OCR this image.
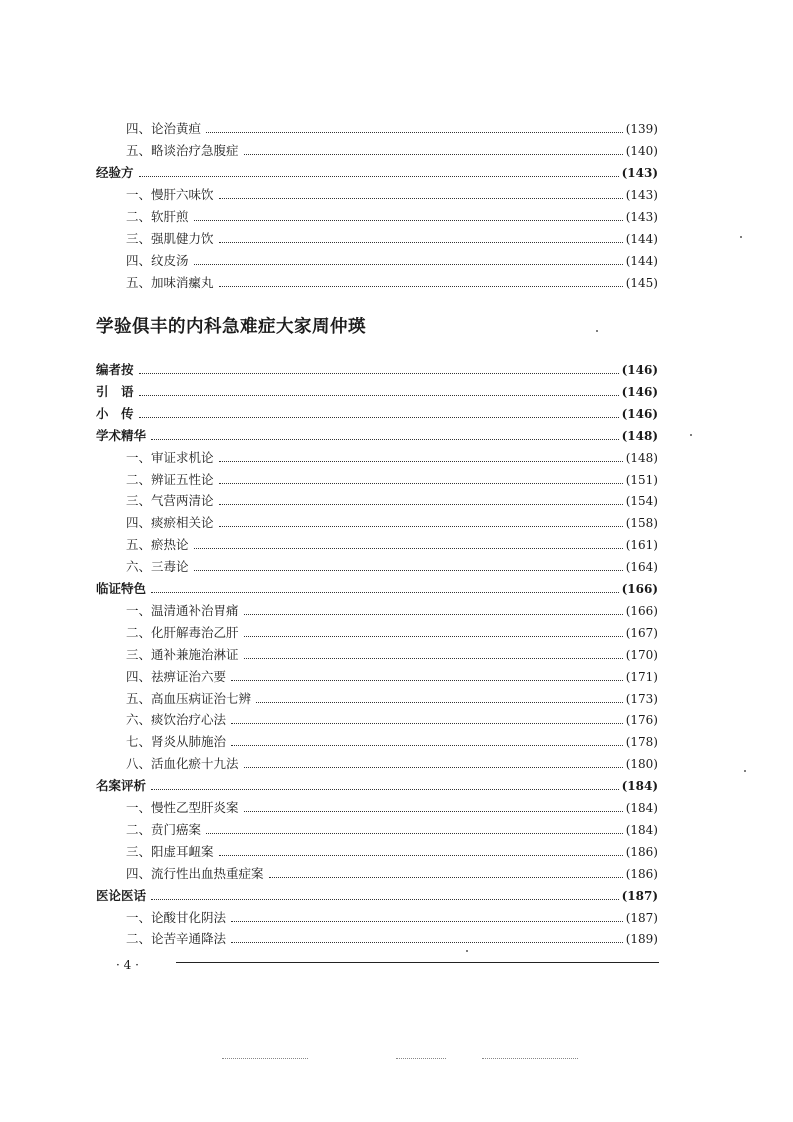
四、论治黄疸	(139)
五、略谈治疗急腹症	(140)
经验方	(143)
一、慢肝六味饮	(143)
二、软肝煎	(143)
三、强肌健力饮	(144)
四、纹皮汤	(144)
五、加味消瘰丸	(145)
编者按	(146)
引　语	(146)
小　传	(146)
学术精华	(148)
一、审证求机论	(148)
二、辨证五性论	(151)
三、气营两清论	(154)
四、痰瘀相关论	(158)
五、瘀热论	(161)
六、三毒论	(164)
临证特色	(166)
一、温清通补治胃痛	(166)
二、化肝解毒治乙肝	(167)
三、通补兼施治淋证	(170)
四、祛痹证治六要	(171)
五、高血压病证治七辨	(173)
六、痰饮治疗心法	(176)
七、肾炎从肺施治	(178)
八、活血化瘀十九法	(180)
名案评析	(184)
一、慢性乙型肝炎案	(184)
二、贲门癌案	(184)
三、阳虚耳衄案	(186)
四、流行性出血热重症案	(186)
医论医话	(187)
一、论酸甘化阴法	(187)
二、论苦辛通降法	(189)
学验俱丰的内科急难症大家周仲瑛
· 4 ·
